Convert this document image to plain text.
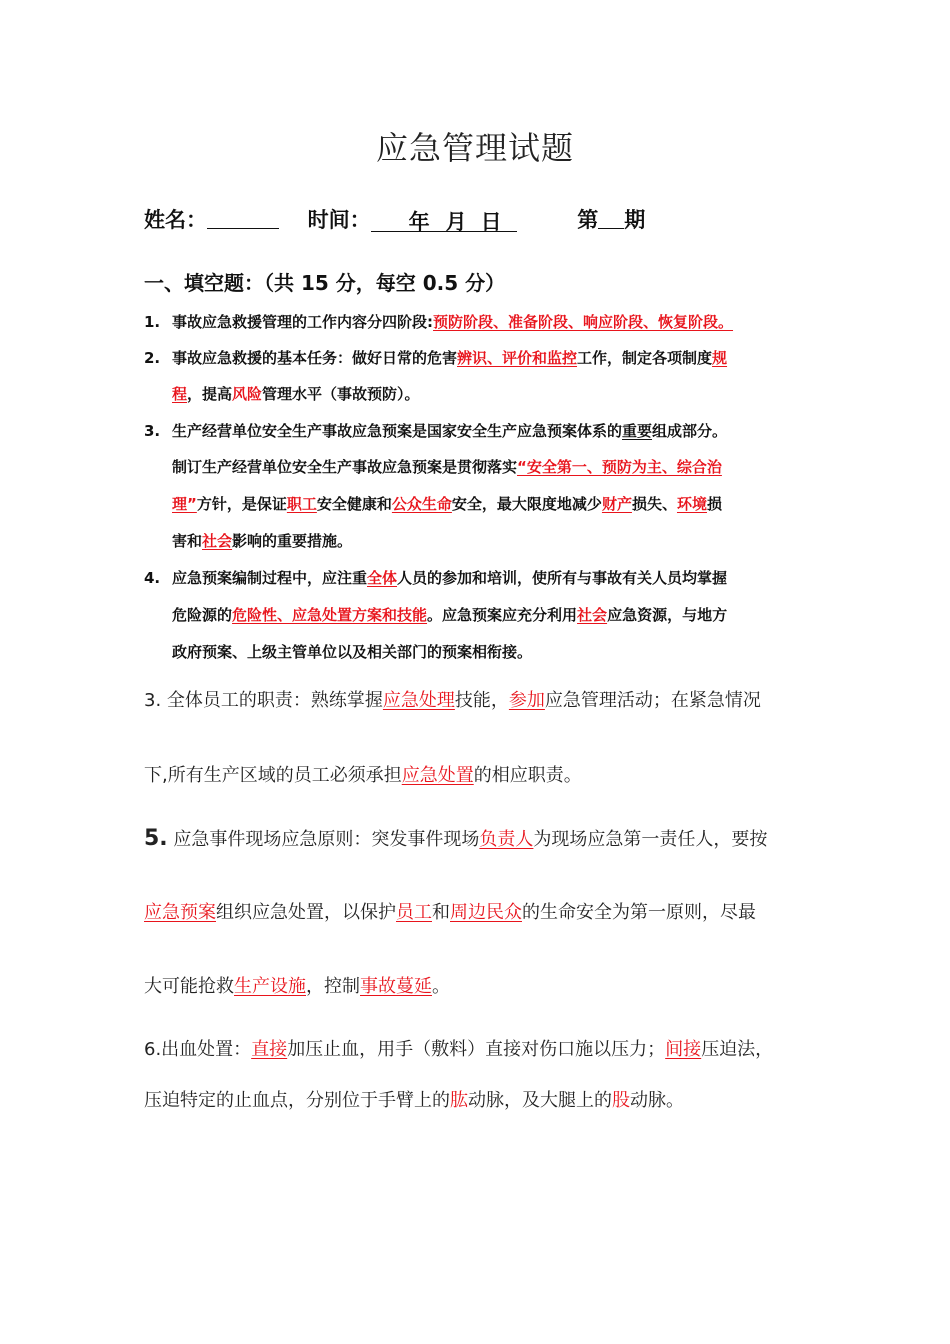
应急管理试题
姓名：	时间： 年 月 日	第 期
一、填空题：（共 15 分，每空 0.5 分）
1. 事故应急救援管理的工作内容分四阶段:预防阶段、准备阶段、响应阶段、恢复阶段。
2. 事故应急救援的基本任务：做好日常的危害辨识、评价和监控工作，制定各项制度规
程，提高风险管理水平（事故预防）。
3. 生产经营单位安全生产事故应急预案是国家安全生产应急预案体系的重要组成部分。
制订生产经营单位安全生产事故应急预案是贯彻落实“安全第一、预防为主、综合治
理”方针，是保证职工安全健康和公众生命安全，最大限度地减少财产损失、环境损
害和社会影响的重要措施。
4. 应急预案编制过程中，应注重全体人员的参加和培训，使所有与事故有关人员均掌握
危险源的危险性、应急处置方案和技能。应急预案应充分利用社会应急资源，与地方
政府预案、上级主管单位以及相关部门的预案相衔接。
3. 全体员工的职责：熟练掌握应急处理技能，参加应急管理活动；在紧急情况
下,所有生产区域的员工必须承担应急处置的相应职责。
5. 应急事件现场应急原则：突发事件现场负责人为现场应急第一责任人，要按
应急预案组织应急处置，以保护员工和周边民众的生命安全为第一原则，尽最
大可能抢救生产设施，控制事故蔓延。
6.出血处置：直接加压止血，用手（敷料）直接对伤口施以压力；间接压迫法，
压迫特定的止血点，分别位于手臂上的肱动脉，及大腿上的股动脉。
